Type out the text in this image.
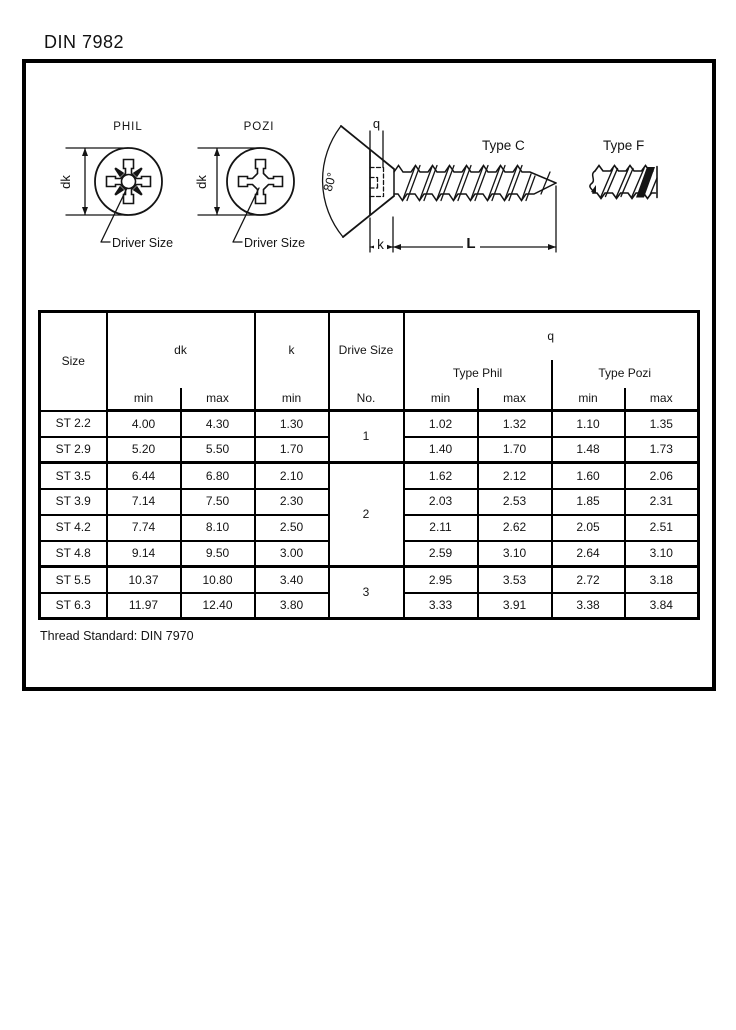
DIN 7982
PHIL
dk
Driver Size
POZI
dk
Driver Size
q
80°
Type C
k	L
Type F
Size	dk		k	Drive Size	q			
					Type Phil		Type Pozi	
	min	max	min	No.	min	max	min	max
ST 2.2	4.00	4.30	1.30	1	1.02	1.32	1.10	1.35
ST 2.9	5.20	5.50	1.70		1.40	1.70	1.48	1.73
ST 3.5	6.44	6.80	2.10	2	1.62	2.12	1.60	2.06
ST 3.9	7.14	7.50	2.30		2.03	2.53	1.85	2.31
ST 4.2	7.74	8.10	2.50		2.11	2.62	2.05	2.51
ST 4.8	9.14	9.50	3.00		2.59	3.10	2.64	3.10
ST 5.5	10.37	10.80	3.40	3	2.95	3.53	2.72	3.18
ST 6.3	11.97	12.40	3.80		3.33	3.91	3.38	3.84
Thread Standard: DIN 7970
